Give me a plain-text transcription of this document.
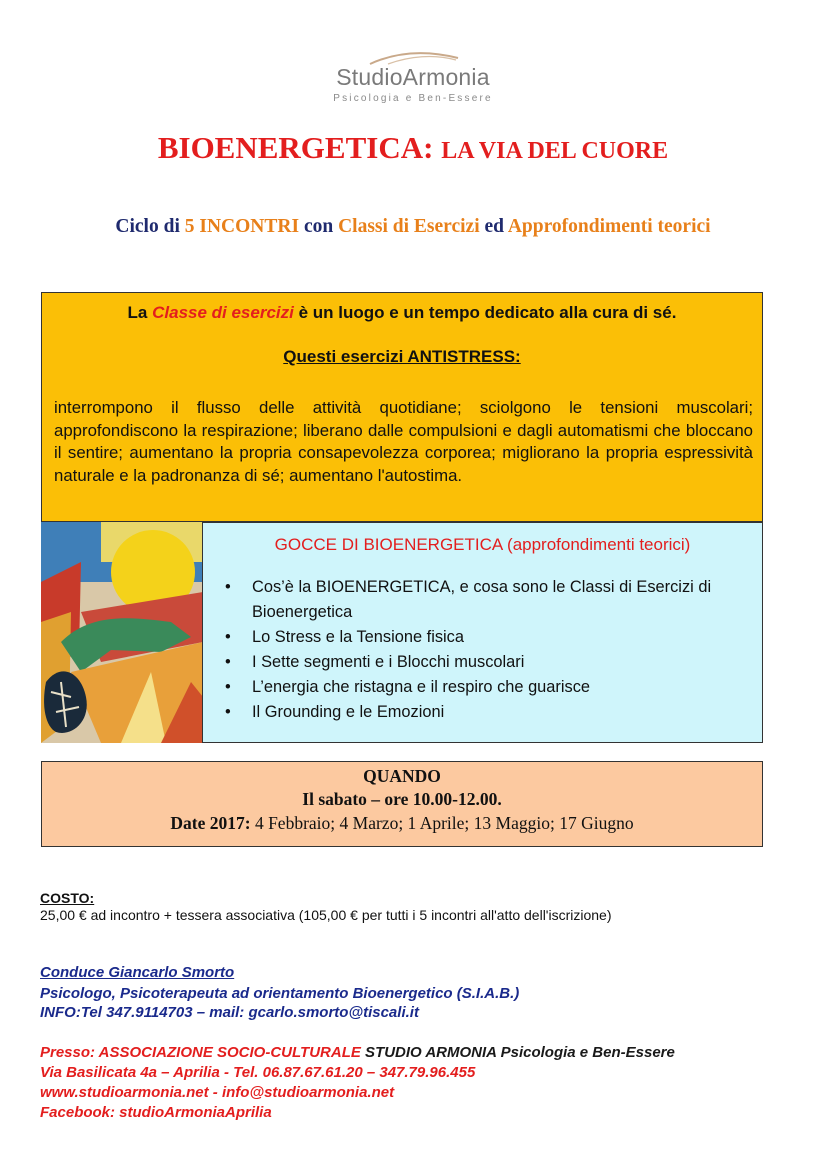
StudioArmonia
Psicologia e Ben-Essere
BIOENERGETICA: LA VIA DEL CUORE
Ciclo di 5 INCONTRI con Classi di Esercizi ed Approfondimenti teorici
La Classe di esercizi è un luogo e un tempo dedicato alla cura di sé.
Questi esercizi ANTISTRESS:
interrompono il flusso delle attività quotidiane; sciolgono le tensioni muscolari; approfondiscono la respirazione; liberano dalle compulsioni e dagli automatismi che bloccano il sentire; aumentano la propria consapevolezza corporea; migliorano la propria espressività naturale e la padronanza di sé; aumentano l'autostima.
GOCCE DI BIOENERGETICA (approfondimenti teorici)
• Cos’è la BIOENERGETICA, e cosa sono le Classi di Esercizi di Bioenergetica
• Lo Stress e la Tensione fisica
• I Sette segmenti e i Blocchi muscolari
• L’energia che ristagna e il respiro che guarisce
• Il Grounding e le Emozioni
QUANDO
Il sabato – ore 10.00-12.00.
Date 2017: 4 Febbraio; 4 Marzo; 1 Aprile; 13 Maggio; 17 Giugno
COSTO:
25,00 € ad incontro + tessera associativa (105,00 € per tutti i 5 incontri all'atto dell'iscrizione)
Conduce Giancarlo Smorto
Psicologo, Psicoterapeuta ad orientamento Bioenergetico (S.I.A.B.)
INFO:Tel 347.9114703 – mail: gcarlo.smorto@tiscali.it
Presso: ASSOCIAZIONE SOCIO-CULTURALE STUDIO ARMONIA Psicologia e Ben-Essere
Via Basilicata 4a – Aprilia - Tel. 06.87.67.61.20 – 347.79.96.455
www.studioarmonia.net - info@studioarmonia.net
Facebook: studioArmoniaAprilia
